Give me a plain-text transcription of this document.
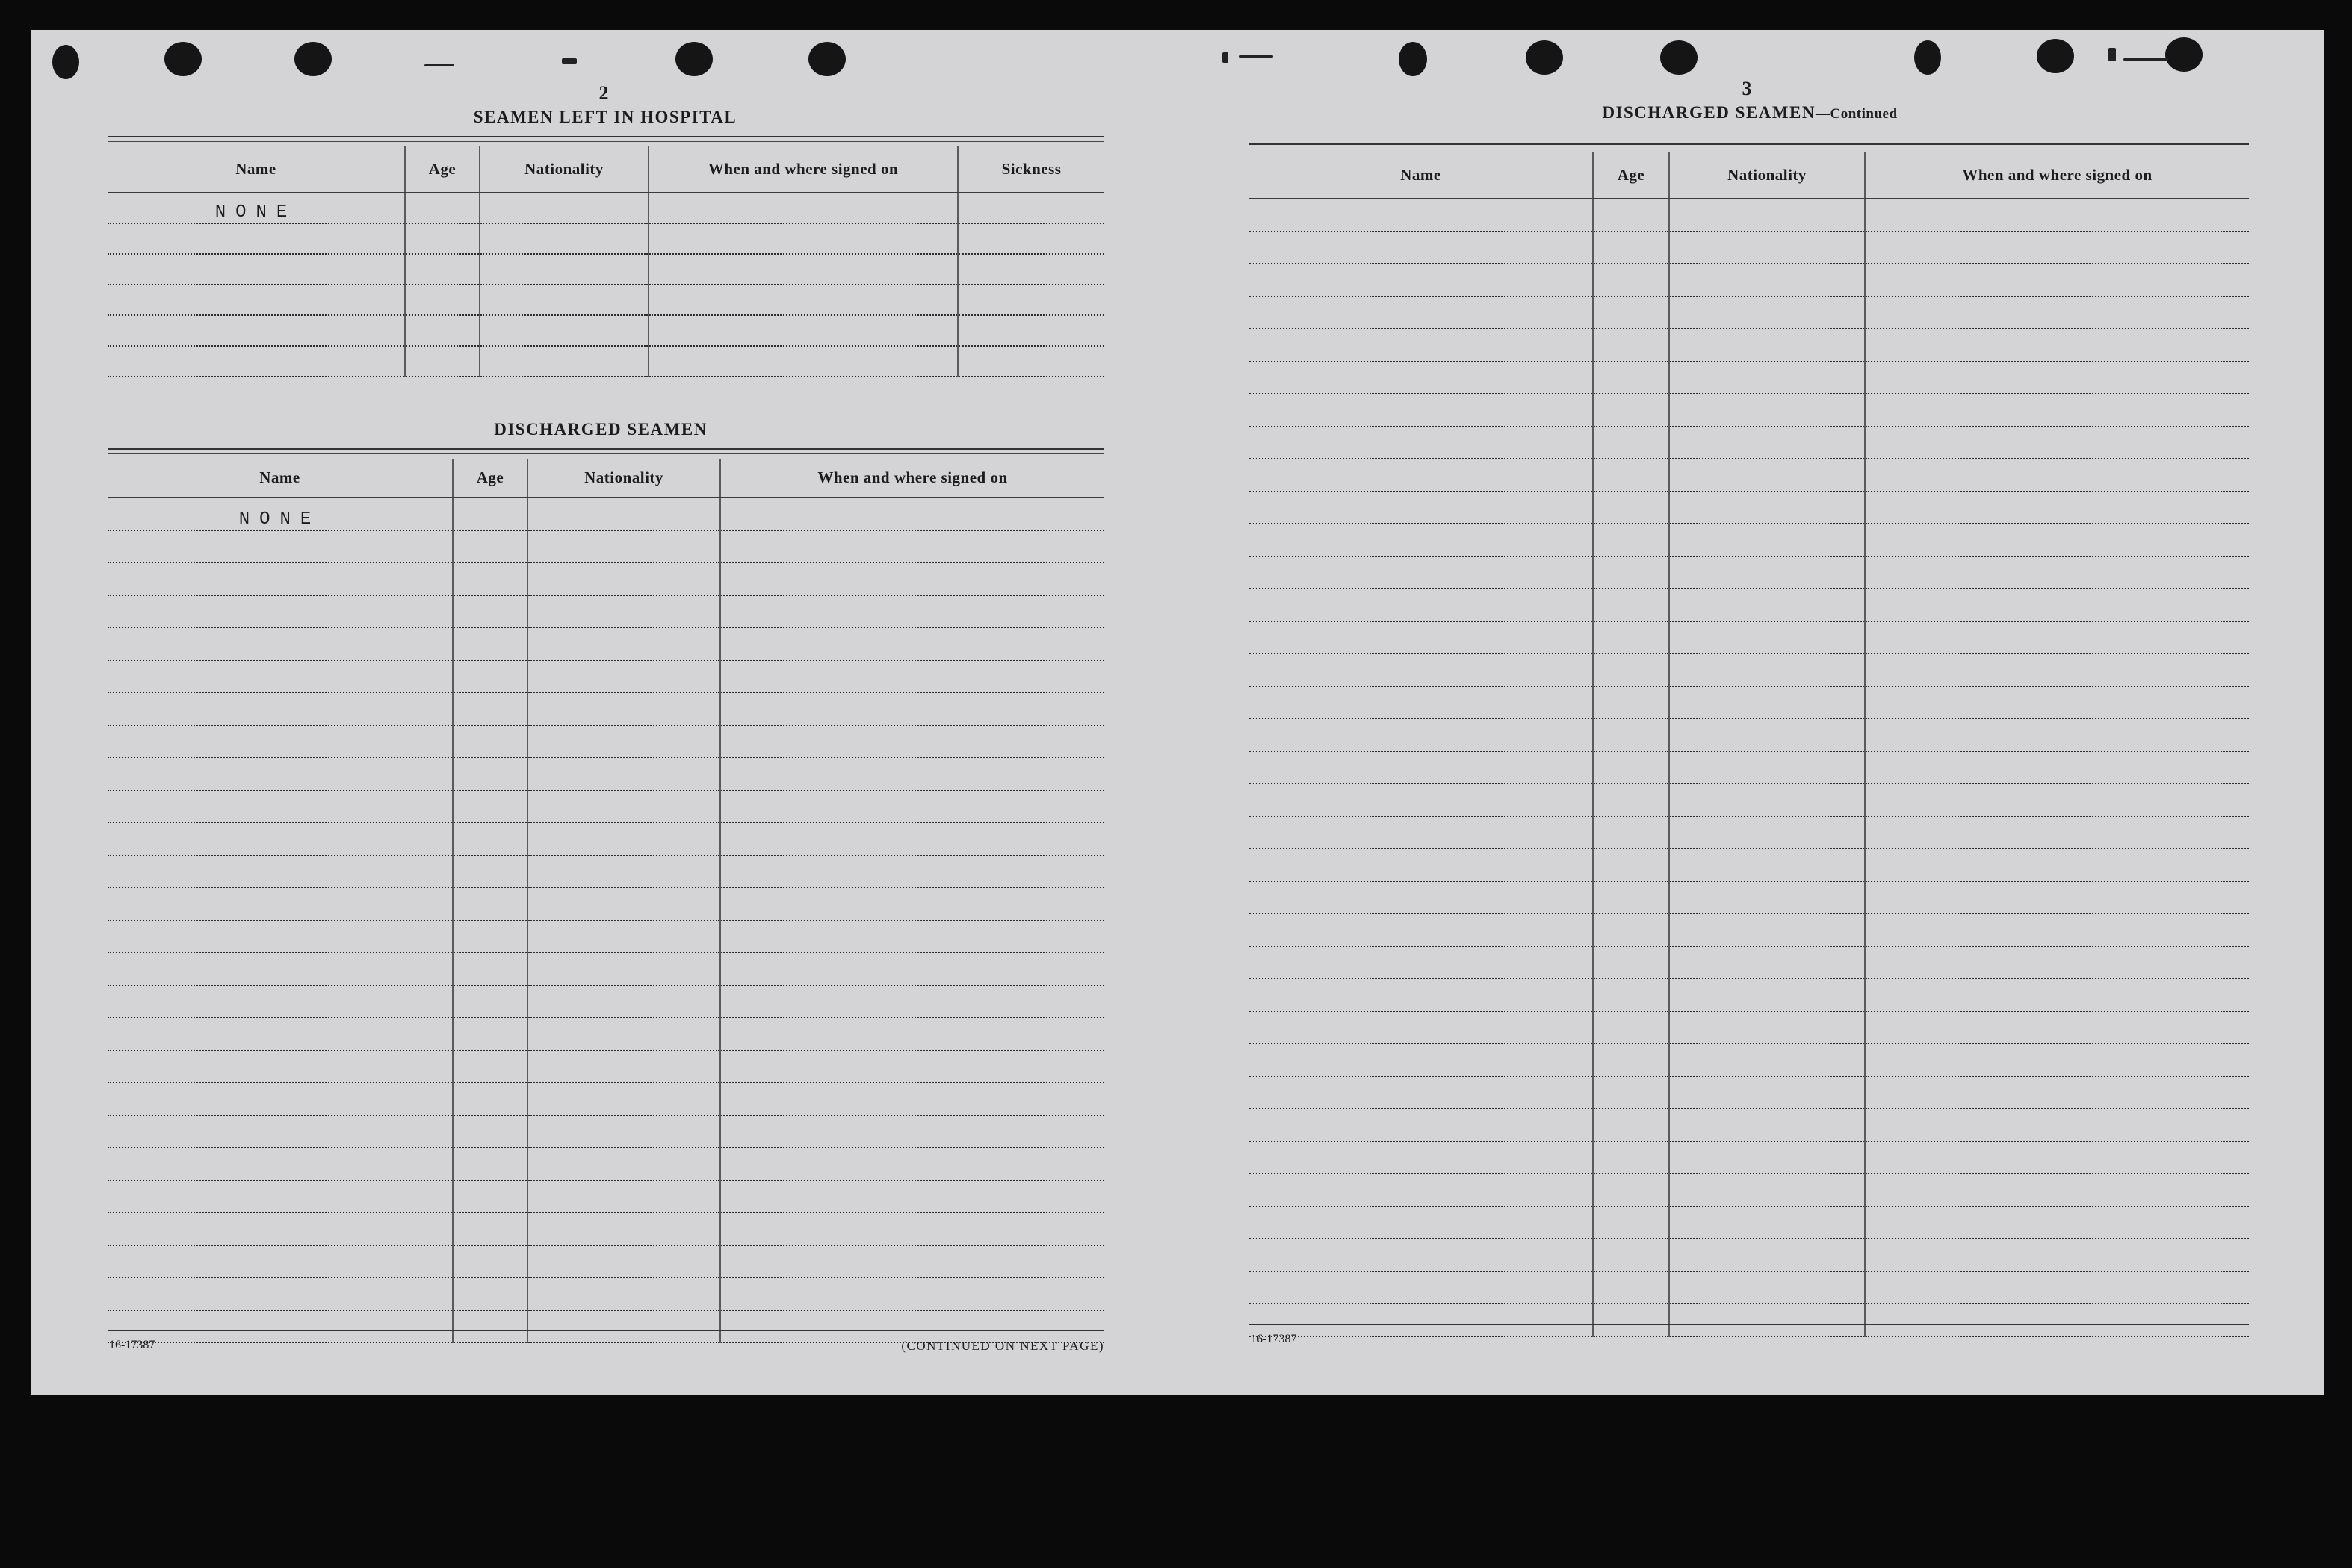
2
SEAMEN LEFT IN HOSPITAL
Name	Age	Nationality	When and where signed on	Sickness
NONE				

DISCHARGED SEAMEN
Name	Age	Nationality	When and where signed on
NONE			

16-17387	(CONTINUED ON NEXT PAGE)
3
DISCHARGED SEAMEN—Continued
Name	Age	Nationality	When and where signed on

16-17387
